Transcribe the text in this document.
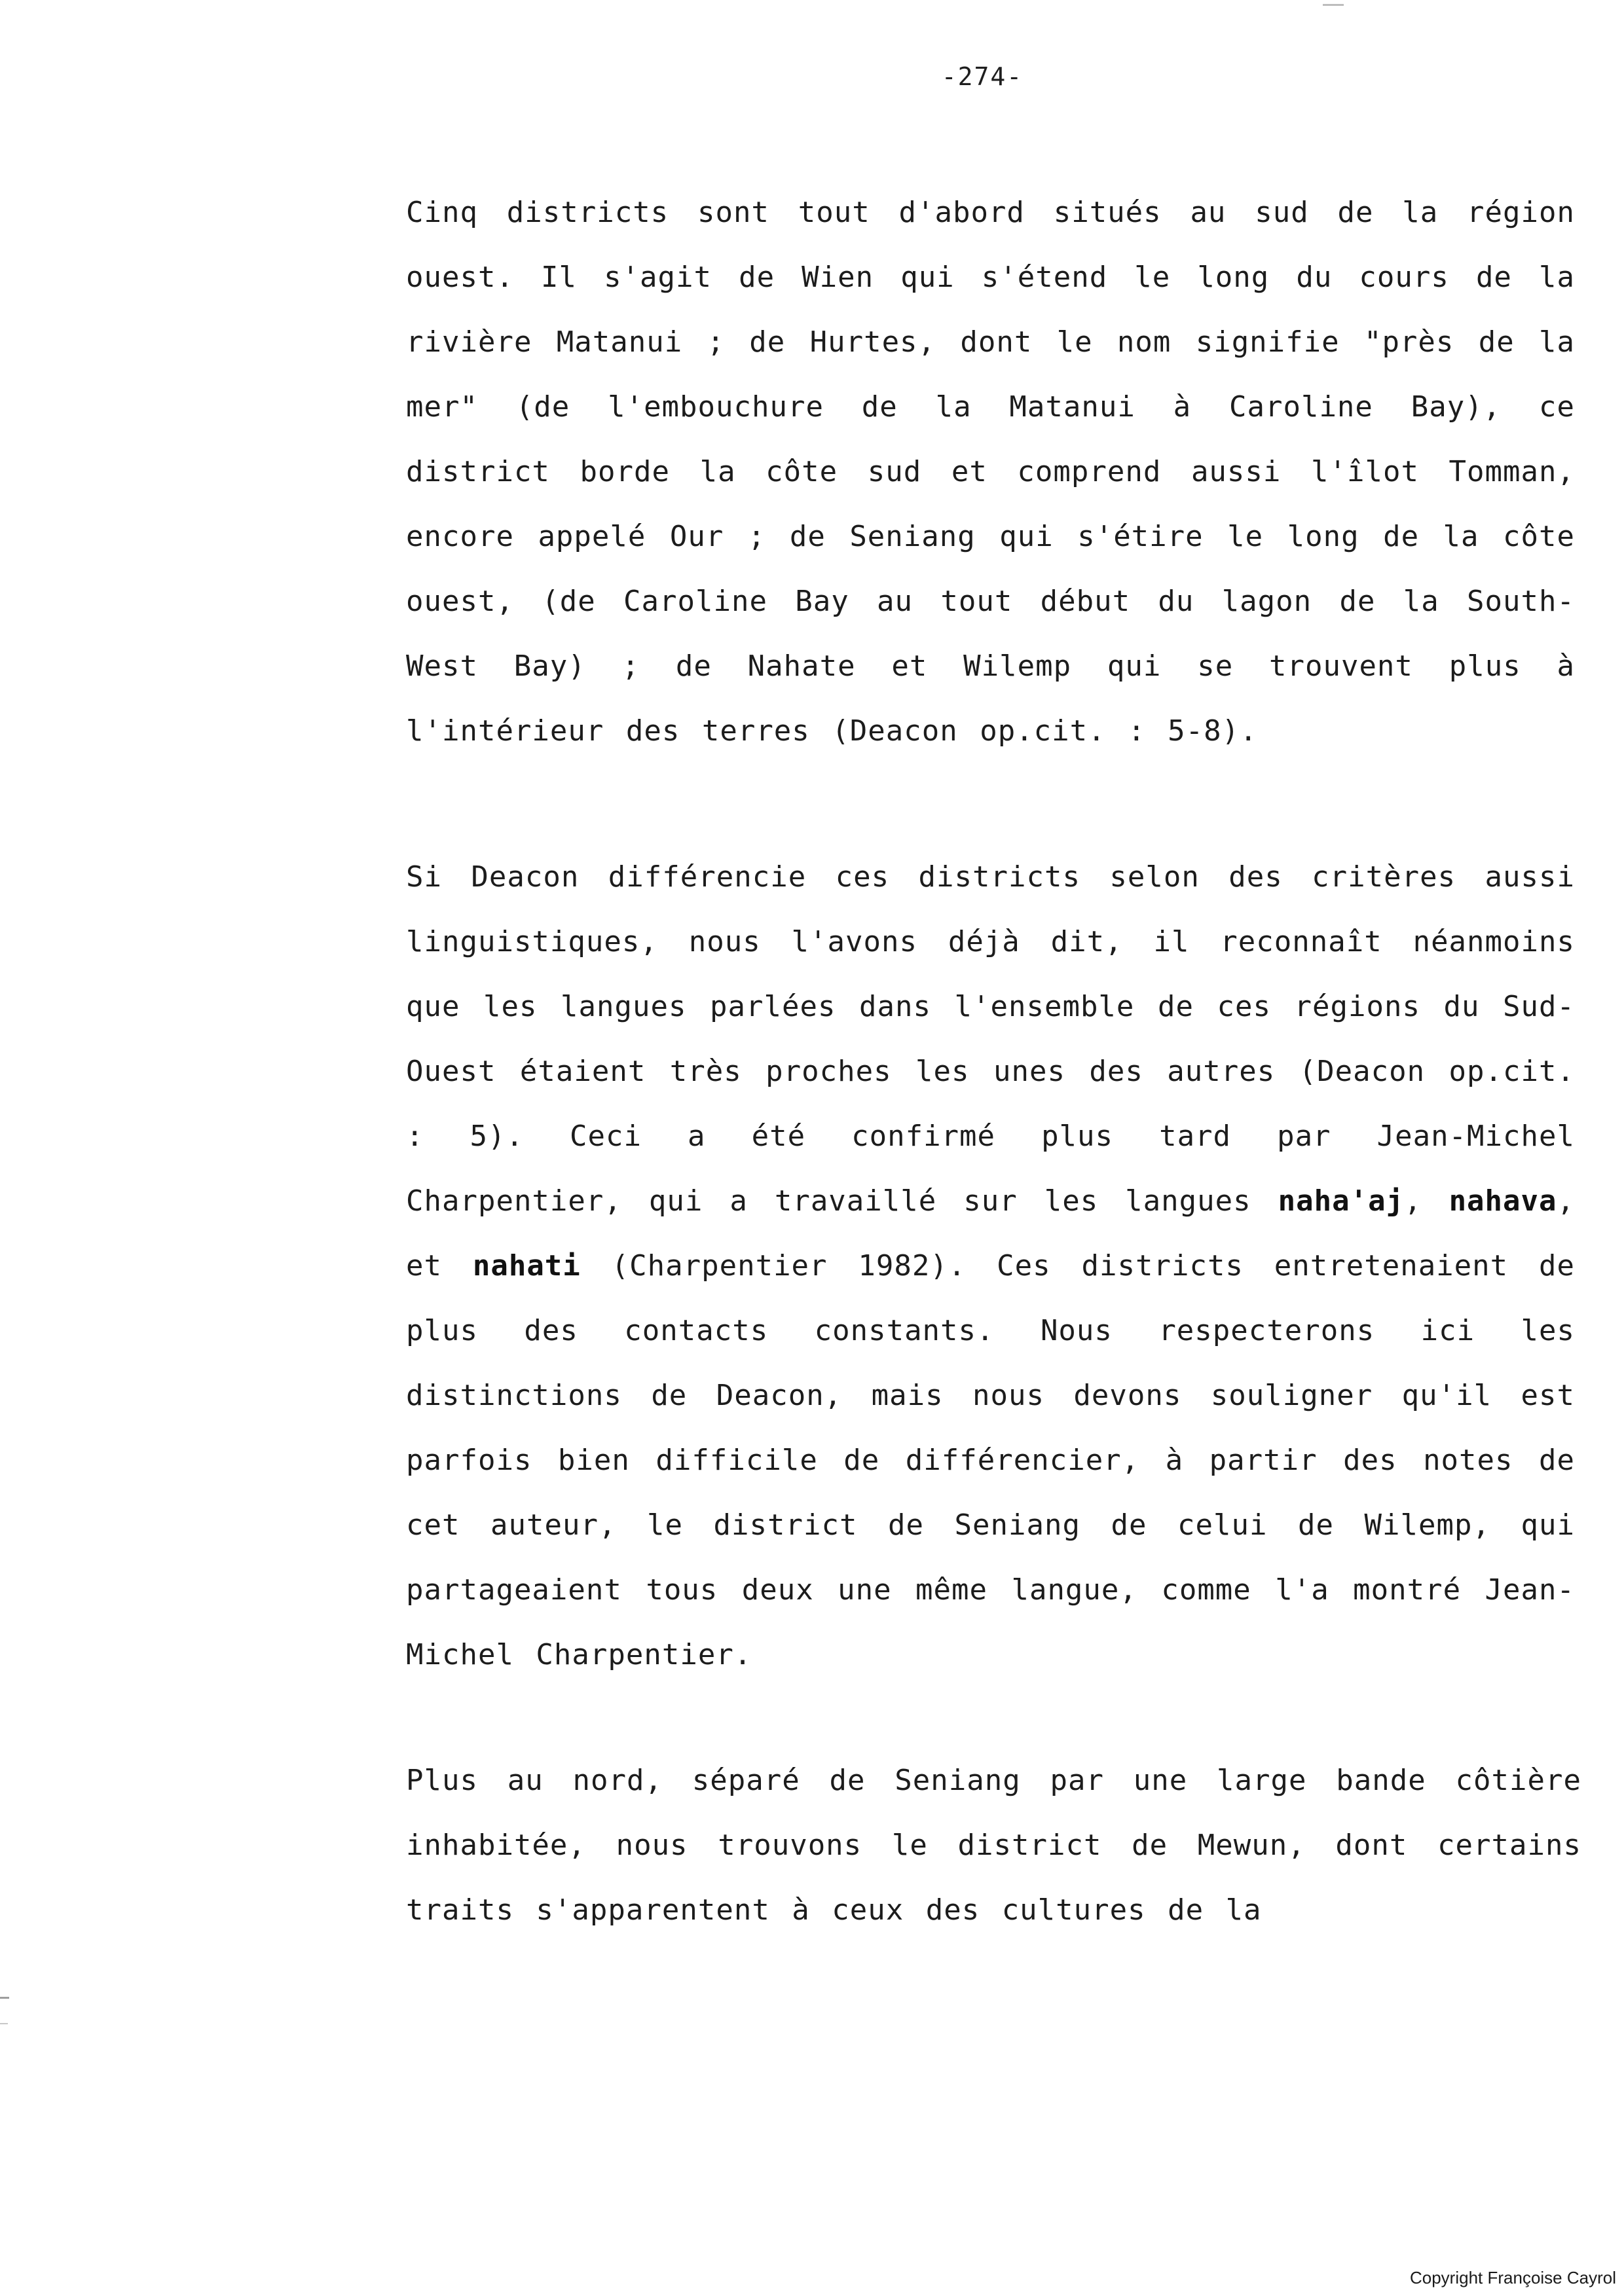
-274-

Cinq districts sont tout d'abord situés au sud de la région ouest. Il s'agit de Wien qui s'étend le long du cours de la rivière Matanui ; de Hurtes, dont le nom signifie "près de la mer" (de l'embouchure de la Matanui à Caroline Bay), ce district borde la côte sud et comprend aussi l'îlot Tomman, encore appelé Our ; de Seniang qui s'étire le long de la côte ouest, (de Caroline Bay au tout début du lagon de la South-West Bay) ; de Nahate et Wilemp qui se trouvent plus à l'intérieur des terres (Deacon op.cit. : 5-8).

Si Deacon différencie ces districts selon des critères aussi linguistiques, nous l'avons déjà dit, il reconnaît néanmoins que les langues parlées dans l'ensemble de ces régions du Sud-Ouest étaient très proches les unes des autres (Deacon op.cit. : 5). Ceci a été confirmé plus tard par Jean-Michel Charpentier, qui a travaillé sur les langues naha'aj, nahava, et nahati (Charpentier 1982). Ces districts entretenaient de plus des contacts constants. Nous respecterons ici les distinctions de Deacon, mais nous devons souligner qu'il est parfois bien difficile de différencier, à partir des notes de cet auteur, le district de Seniang de celui de Wilemp, qui partageaient tous deux une même langue, comme l'a montré Jean-Michel Charpentier.

Plus au nord, séparé de Seniang par une large bande côtière inhabitée, nous trouvons le district de Mewun, dont certains traits s'apparentent à ceux des cultures de la

Copyright Françoise Cayrol
